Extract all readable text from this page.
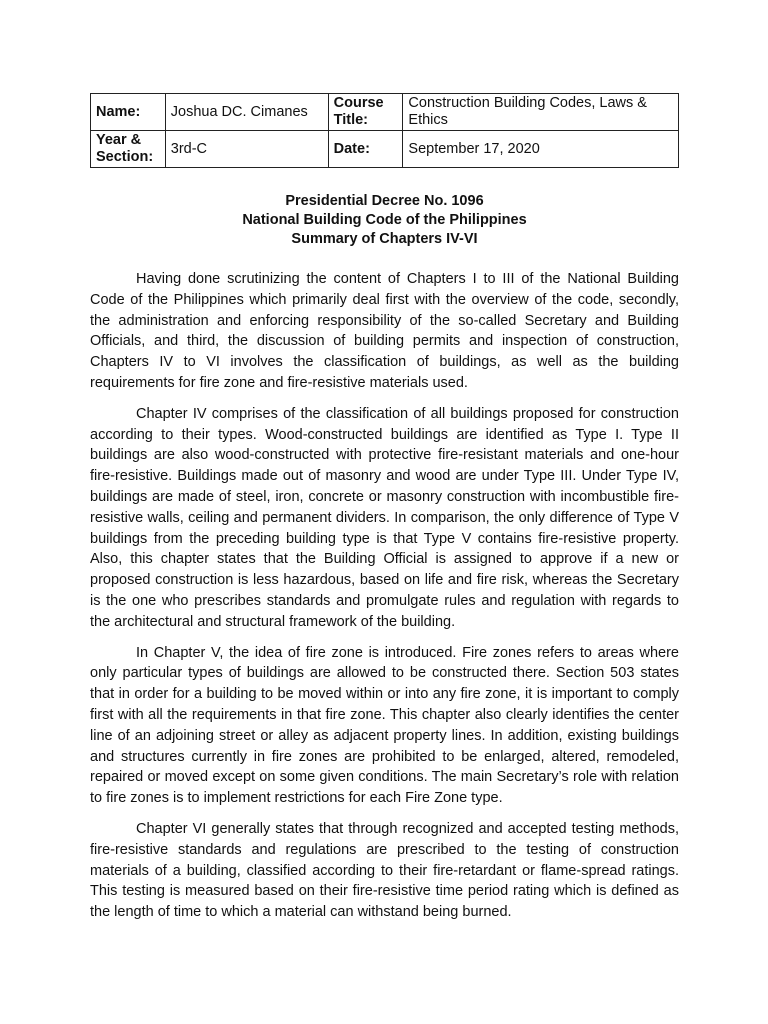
Name:	Joshua DC. Cimanes	Course Title:	Construction Building Codes, Laws & Ethics
Year & Section:	3rd-C	Date:	September 17, 2020
Presidential Decree No. 1096
National Building Code of the Philippines
Summary of Chapters IV-VI

Having done scrutinizing the content of Chapters I to III of the National Building Code of the Philippines which primarily deal first with the overview of the code, secondly, the administration and enforcing responsibility of the so-called Secretary and Building Officials, and third, the discussion of building permits and inspection of construction, Chapters IV to VI involves the classification of buildings, as well as the building requirements for fire zone and fire-resistive materials used.

Chapter IV comprises of the classification of all buildings proposed for construction according to their types. Wood-constructed buildings are identified as Type I. Type II buildings are also wood-constructed with protective fire-resistant materials and one-hour fire-resistive. Buildings made out of masonry and wood are under Type III. Under Type IV, buildings are made of steel, iron, concrete or masonry construction with incombustible fire-resistive walls, ceiling and permanent dividers. In comparison, the only difference of Type V buildings from the preceding building type is that Type V contains fire-resistive property. Also, this chapter states that the Building Official is assigned to approve if a new or proposed construction is less hazardous, based on life and fire risk, whereas the Secretary is the one who prescribes standards and promulgate rules and regulation with regards to the architectural and structural framework of the building.

In Chapter V, the idea of fire zone is introduced. Fire zones refers to areas where only particular types of buildings are allowed to be constructed there. Section 503 states that in order for a building to be moved within or into any fire zone, it is important to comply first with all the requirements in that fire zone. This chapter also clearly identifies the center line of an adjoining street or alley as adjacent property lines. In addition, existing buildings and structures currently in fire zones are prohibited to be enlarged, altered, remodeled, repaired or moved except on some given conditions. The main Secretary’s role with relation to fire zones is to implement restrictions for each Fire Zone type.

Chapter VI generally states that through recognized and accepted testing methods, fire-resistive standards and regulations are prescribed to the testing of construction materials of a building, classified according to their fire-retardant or flame-spread ratings. This testing is measured based on their fire-resistive time period rating which is defined as the length of time to which a material can withstand being burned.
